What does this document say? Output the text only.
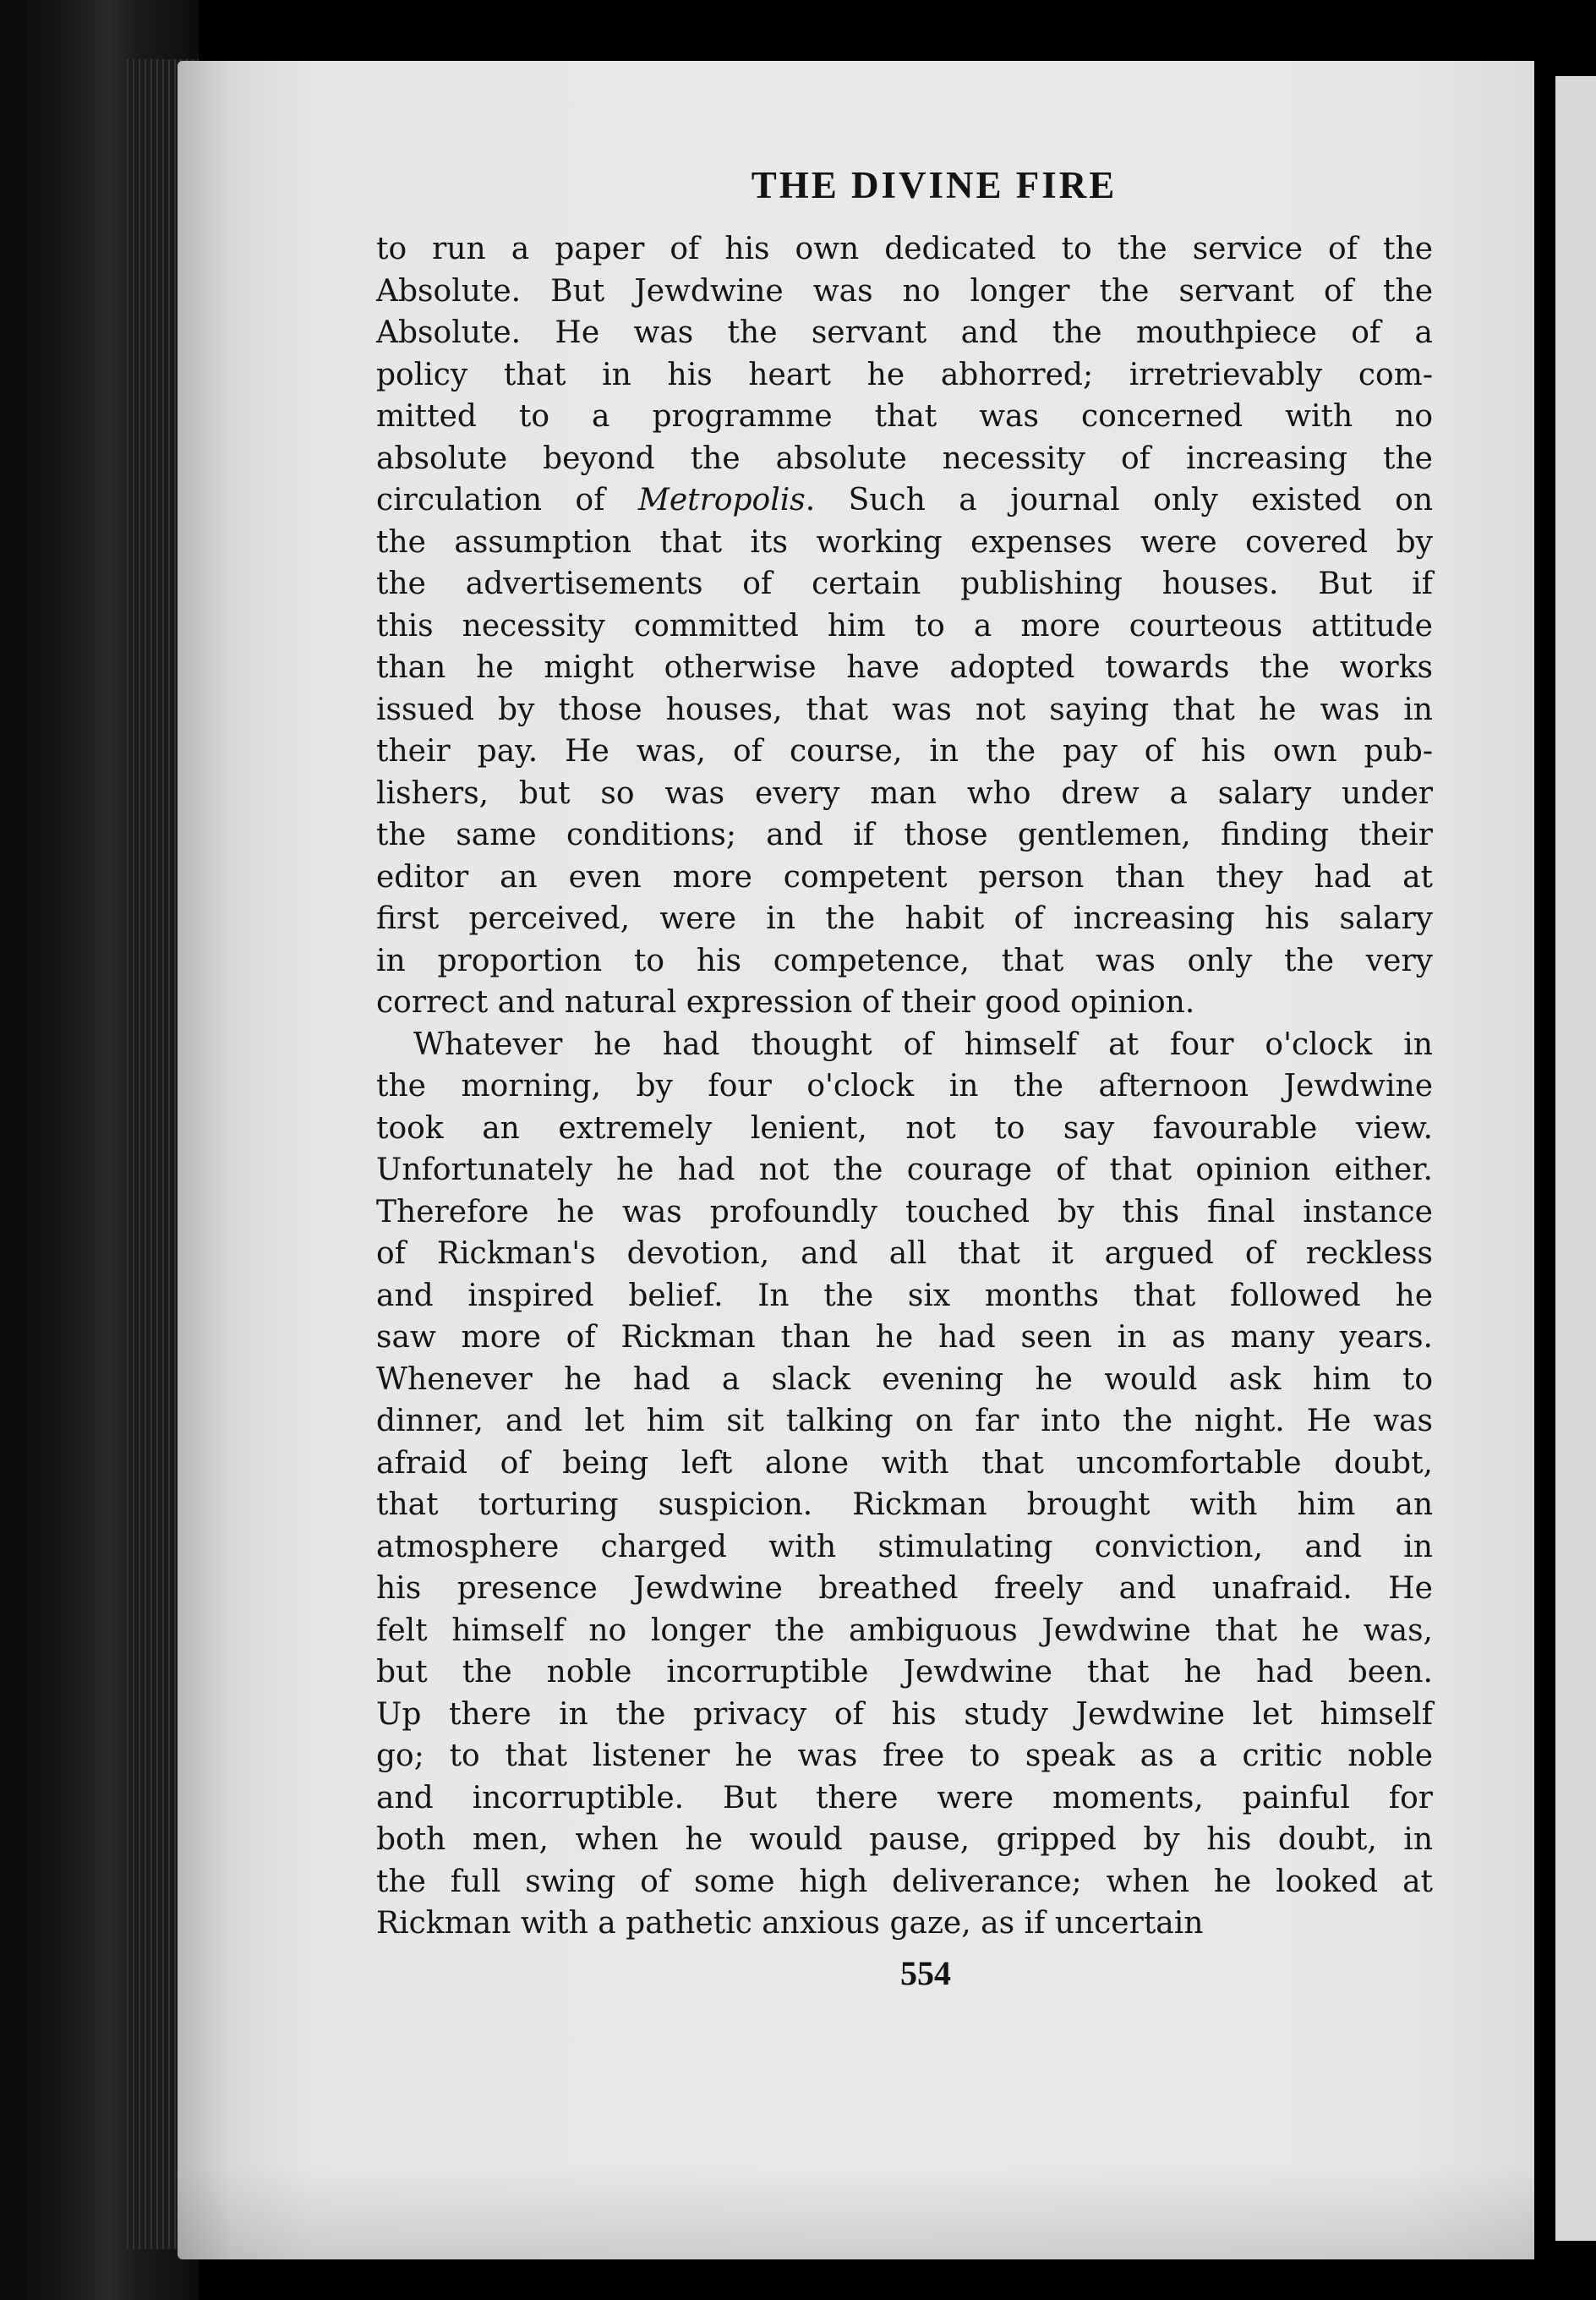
THE DIVINE FIRE

to run a paper of his own dedicated to the service of the
Absolute. But Jewdwine was no longer the servant of the
Absolute. He was the servant and the mouthpiece of a
policy that in his heart he abhorred; irretrievably com-
mitted to a programme that was concerned with no
absolute beyond the absolute necessity of increasing the
circulation of Metropolis. Such a journal only existed on
the assumption that its working expenses were covered by
the advertisements of certain publishing houses. But if
this necessity committed him to a more courteous attitude
than he might otherwise have adopted towards the works
issued by those houses, that was not saying that he was in
their pay. He was, of course, in the pay of his own pub-
lishers, but so was every man who drew a salary under
the same conditions; and if those gentlemen, finding their
editor an even more competent person than they had at
first perceived, were in the habit of increasing his salary
in proportion to his competence, that was only the very
correct and natural expression of their good opinion.

Whatever he had thought of himself at four o'clock in
the morning, by four o'clock in the afternoon Jewdwine
took an extremely lenient, not to say favourable view.
Unfortunately he had not the courage of that opinion either.
Therefore he was profoundly touched by this final instance
of Rickman's devotion, and all that it argued of reckless
and inspired belief. In the six months that followed he
saw more of Rickman than he had seen in as many years.
Whenever he had a slack evening he would ask him to
dinner, and let him sit talking on far into the night. He was
afraid of being left alone with that uncomfortable doubt,
that torturing suspicion. Rickman brought with him an
atmosphere charged with stimulating conviction, and in
his presence Jewdwine breathed freely and unafraid. He
felt himself no longer the ambiguous Jewdwine that he was,
but the noble incorruptible Jewdwine that he had been.
Up there in the privacy of his study Jewdwine let himself
go; to that listener he was free to speak as a critic noble
and incorruptible. But there were moments, painful for
both men, when he would pause, gripped by his doubt, in
the full swing of some high deliverance; when he looked at
Rickman with a pathetic anxious gaze, as if uncertain

554
